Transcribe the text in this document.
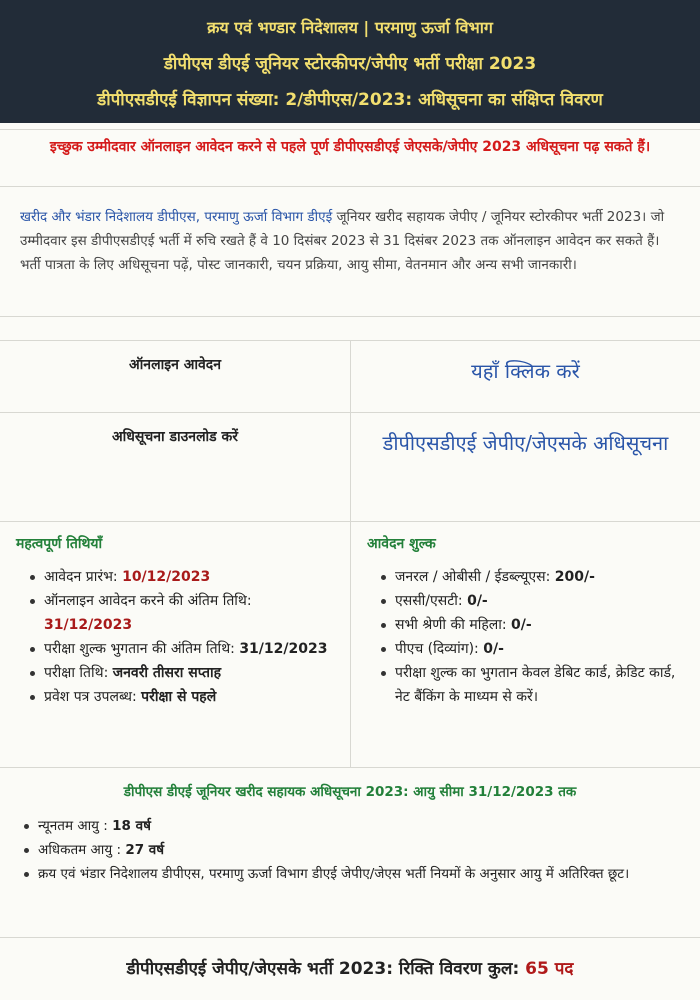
क्रय एवं भण्डार निदेशालय | परमाणु ऊर्जा विभाग
डीपीएस डीएई जूनियर स्टोरकीपर/जेपीए भर्ती परीक्षा 2023
डीपीएसडीएई विज्ञापन संख्या: 2/डीपीएस/2023: अधिसूचना का संक्षिप्त विवरण
इच्छुक उम्मीदवार ऑनलाइन आवेदन करने से पहले पूर्ण डीपीएसडीएई जेएसके/जेपीए 2023 अधिसूचना पढ़ सकते हैं।
खरीद और भंडार निदेशालय डीपीएस, परमाणु ऊर्जा विभाग डीएई जूनियर खरीद सहायक जेपीए / जूनियर स्टोरकीपर भर्ती 2023। जो उम्मीदवार इस डीपीएसडीएई भर्ती में रुचि रखते हैं वे 10 दिसंबर 2023 से 31 दिसंबर 2023 तक ऑनलाइन आवेदन कर सकते हैं। भर्ती पात्रता के लिए अधिसूचना पढ़ें, पोस्ट जानकारी, चयन प्रक्रिया, आयु सीमा, वेतनमान और अन्य सभी जानकारी।
ऑनलाइन आवेदन	यहाँ क्लिक करें
अधिसूचना डाउनलोड करें	डीपीएसडीएई जेपीए/जेएसके अधिसूचना
महत्वपूर्ण तिथियाँ
आवेदन प्रारंभ: 10/12/2023
ऑनलाइन आवेदन करने की अंतिम तिथि: 31/12/2023
परीक्षा शुल्क भुगतान की अंतिम तिथि: 31/12/2023
परीक्षा तिथि: जनवरी तीसरा सप्ताह
प्रवेश पत्र उपलब्ध: परीक्षा से पहले
आवेदन शुल्क
जनरल / ओबीसी / ईडब्ल्यूएस: 200/-
एससी/एसटी: 0/-
सभी श्रेणी की महिला: 0/-
पीएच (दिव्यांग): 0/-
परीक्षा शुल्क का भुगतान केवल डेबिट कार्ड, क्रेडिट कार्ड, नेट बैंकिंग के माध्यम से करें।
डीपीएस डीएई जूनियर खरीद सहायक अधिसूचना 2023: आयु सीमा 31/12/2023 तक
न्यूनतम आयु : 18 वर्ष
अधिकतम आयु : 27 वर्ष
क्रय एवं भंडार निदेशालय डीपीएस, परमाणु ऊर्जा विभाग डीएई जेपीए/जेएस भर्ती नियमों के अनुसार आयु में अतिरिक्त छूट।
डीपीएसडीएई जेपीए/जेएसके भर्ती 2023: रिक्ति विवरण कुल: 65 पद
